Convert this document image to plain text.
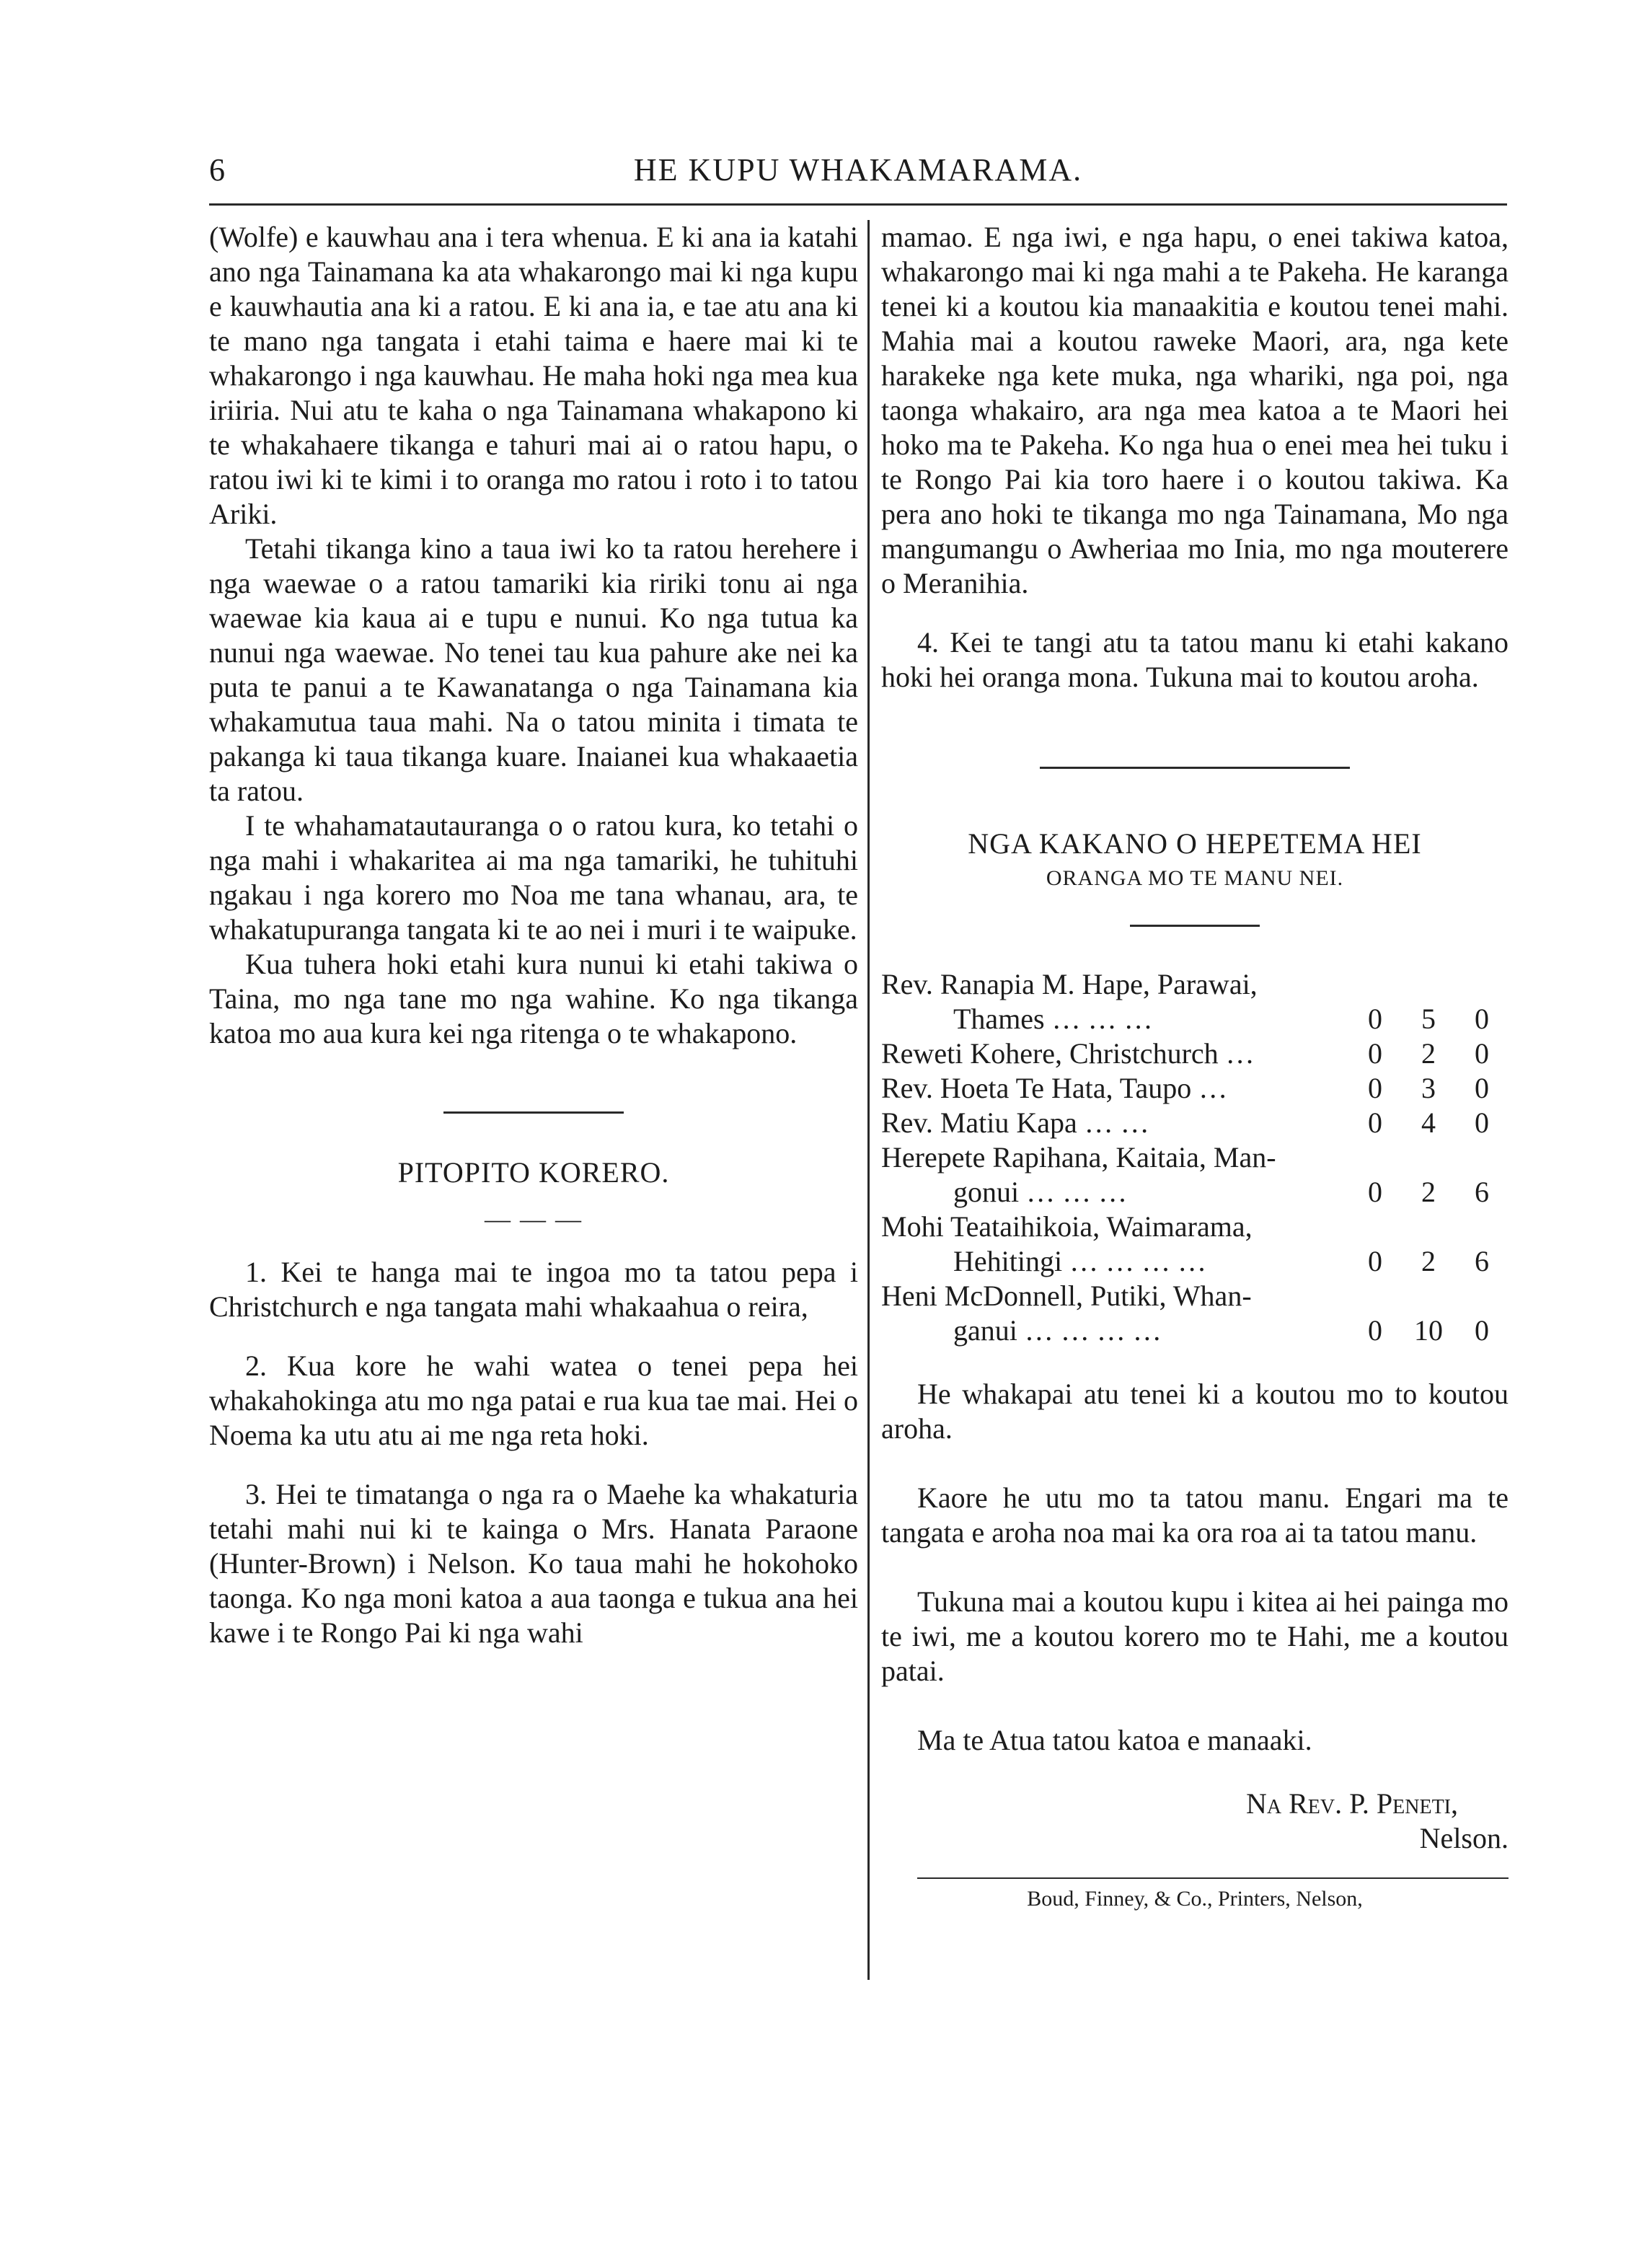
6	HE KUPU WHAKAMARAMA.

(Wolfe) e kauwhau ana i tera whenua. E ki ana ia katahi ano nga Tainamana ka ata whakarongo mai ki nga kupu e kauwhautia ana ki a ratou. E ki ana ia, e tae atu ana ki te mano nga tangata i etahi taima e haere mai ki te whakarongo i nga kauwhau. He maha hoki nga mea kua iriiria. Nui atu te kaha o nga Tainamana whakapono ki te whakahaere tikanga e tahuri mai ai o ratou hapu, o ratou iwi ki te kimi i to oranga mo ratou i roto i to tatou Ariki.

Tetahi tikanga kino a taua iwi ko ta ratou herehere i nga waewae o a ratou tamariki kia ririki tonu ai nga waewae kia kaua ai e tupu e nunui. Ko nga tutua ka nunui nga waewae. No tenei tau kua pahure ake nei ka puta te panui a te Kawanatanga o nga Tainamana kia whakamutua taua mahi. Na o tatou minita i timata te pakanga ki taua tikanga kuare. Inaianei kua whakaaetia ta ratou.

I te whahamatautauranga o o ratou kura, ko tetahi o nga mahi i whakaritea ai ma nga tamariki, he tuhituhi ngakau i nga korero mo Noa me tana whanau, ara, te whakatupuranga tangata ki te ao nei i muri i te waipuke.

Kua tuhera hoki etahi kura nunui ki etahi takiwa o Taina, mo nga tane mo nga wahine. Ko nga tikanga katoa mo aua kura kei nga ritenga o te whakapono.

PITOPITO KORERO.
— — —

1. Kei te hanga mai te ingoa mo ta tatou pepa i Christchurch e nga tangata mahi whakaahua o reira,

2. Kua kore he wahi watea o tenei pepa hei whakahokinga atu mo nga patai e rua kua tae mai. Hei o Noema ka utu atu ai me nga reta hoki.

3. Hei te timatanga o nga ra o Maehe ka whakaturia tetahi mahi nui ki te kainga o Mrs. Hanata Paraone (Hunter-Brown) i Nelson. Ko taua mahi he hokohoko taonga. Ko nga moni katoa a aua taonga e tukua ana hei kawe i te Rongo Pai ki nga wahi

mamao. E nga iwi, e nga hapu, o enei takiwa katoa, whakarongo mai ki nga mahi a te Pakeha. He karanga tenei ki a koutou kia manaakitia e koutou tenei mahi. Mahia mai a koutou raweke Maori, ara, nga kete harakeke nga kete muka, nga whariki, nga poi, nga taonga whakairo, ara nga mea katoa a te Maori hei hoko ma te Pakeha. Ko nga hua o enei mea hei tuku i te Rongo Pai kia toro haere i o koutou takiwa. Ka pera ano hoki te tikanga mo nga Tainamana, Mo nga mangumangu o Awheriaa mo Inia, mo nga mouterere o Meranihia.

4. Kei te tangi atu ta tatou manu ki etahi kakano hoki hei oranga mona. Tukuna mai to koutou aroha.

NGA KAKANO O HEPETEMA HEI
ORANGA MO TE MANU NEI.
Rev. Ranapia M. Hape, Parawai,
Thames … … …	0	5	0
Reweti Kohere, Christchurch …	0	2	0
Rev. Hoeta Te Hata, Taupo …	0	3	0
Rev. Matiu Kapa … …	0	4	0
Herepete Rapihana, Kaitaia, Man-
gonui … … …	0	2	6
Mohi Teataihikoia, Waimarama,
Hehitingi … … … …	0	2	6
Heni McDonnell, Putiki, Whan-
ganui … … … …	0	10	0

He whakapai atu tenei ki a koutou mo to koutou aroha.

Kaore he utu mo ta tatou manu. Engari ma te tangata e aroha noa mai ka ora roa ai ta tatou manu.

Tukuna mai a koutou kupu i kitea ai hei painga mo te iwi, me a koutou korero mo te Hahi, me a koutou patai.

Ma te Atua tatou katoa e manaaki.

Na Rev. P. Peneti,
Nelson.
Boud, Finney, & Co., Printers, Nelson,
